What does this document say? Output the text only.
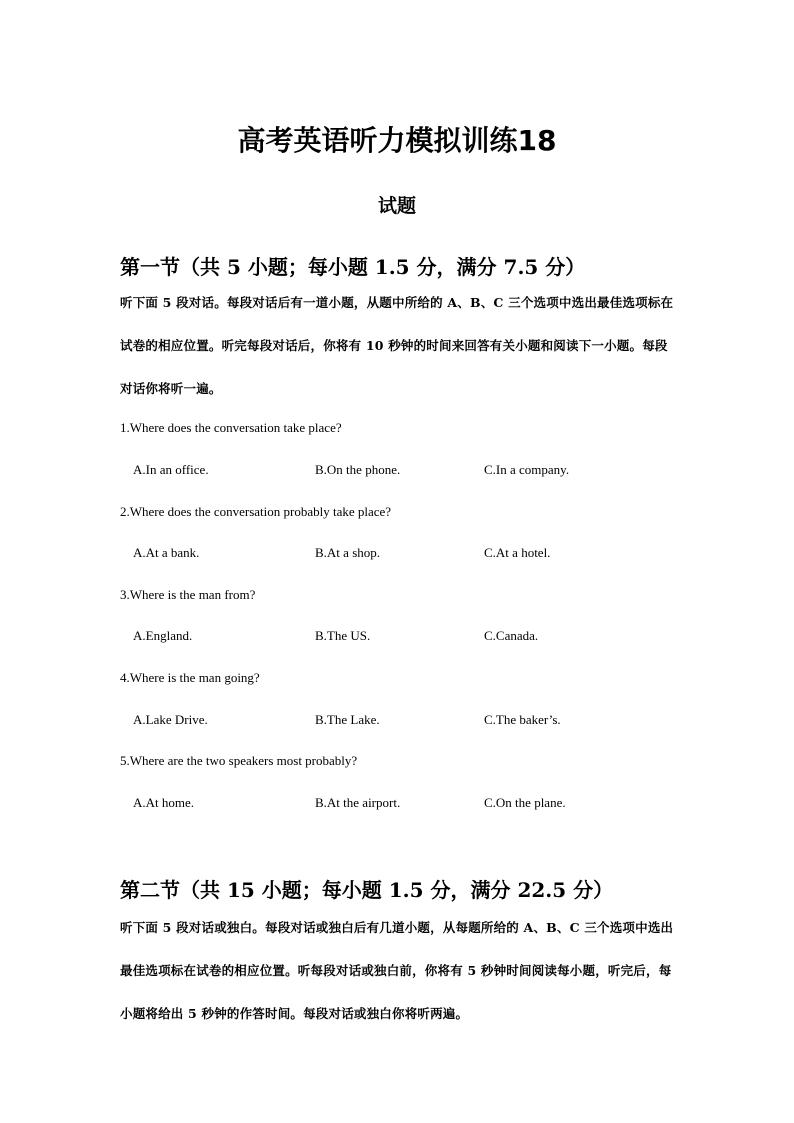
高考英语听力模拟训练18
试题
第一节（共 5 小题；每小题 1.5 分，满分 7.5 分）
听下面 5 段对话。每段对话后有一道小题，从题中所给的 A、B、C 三个选项中选出最佳选项标在试卷的相应位置。听完每段对话后，你将有 10 秒钟的时间来回答有关小题和阅读下一小题。每段对话你将听一遍。
1.Where does the conversation take place?
A.In an office.	B.On the phone.	C.In a company.
2.Where does the conversation probably take place?
A.At a bank.	B.At a shop.	C.At a hotel.
3.Where is the man from?
A.England.	B.The US.	C.Canada.
4.Where is the man going?
A.Lake Drive.	B.The Lake.	C.The baker’s.
5.Where are the two speakers most probably?
A.At home.	B.At the airport.	C.On the plane.
第二节（共 15 小题；每小题 1.5 分，满分 22.5 分）
听下面 5 段对话或独白。每段对话或独白后有几道小题，从每题所给的 A、B、C 三个选项中选出最佳选项标在试卷的相应位置。听每段对话或独白前，你将有 5 秒钟时间阅读每小题，听完后，每小题将给出 5 秒钟的作答时间。每段对话或独白你将听两遍。
